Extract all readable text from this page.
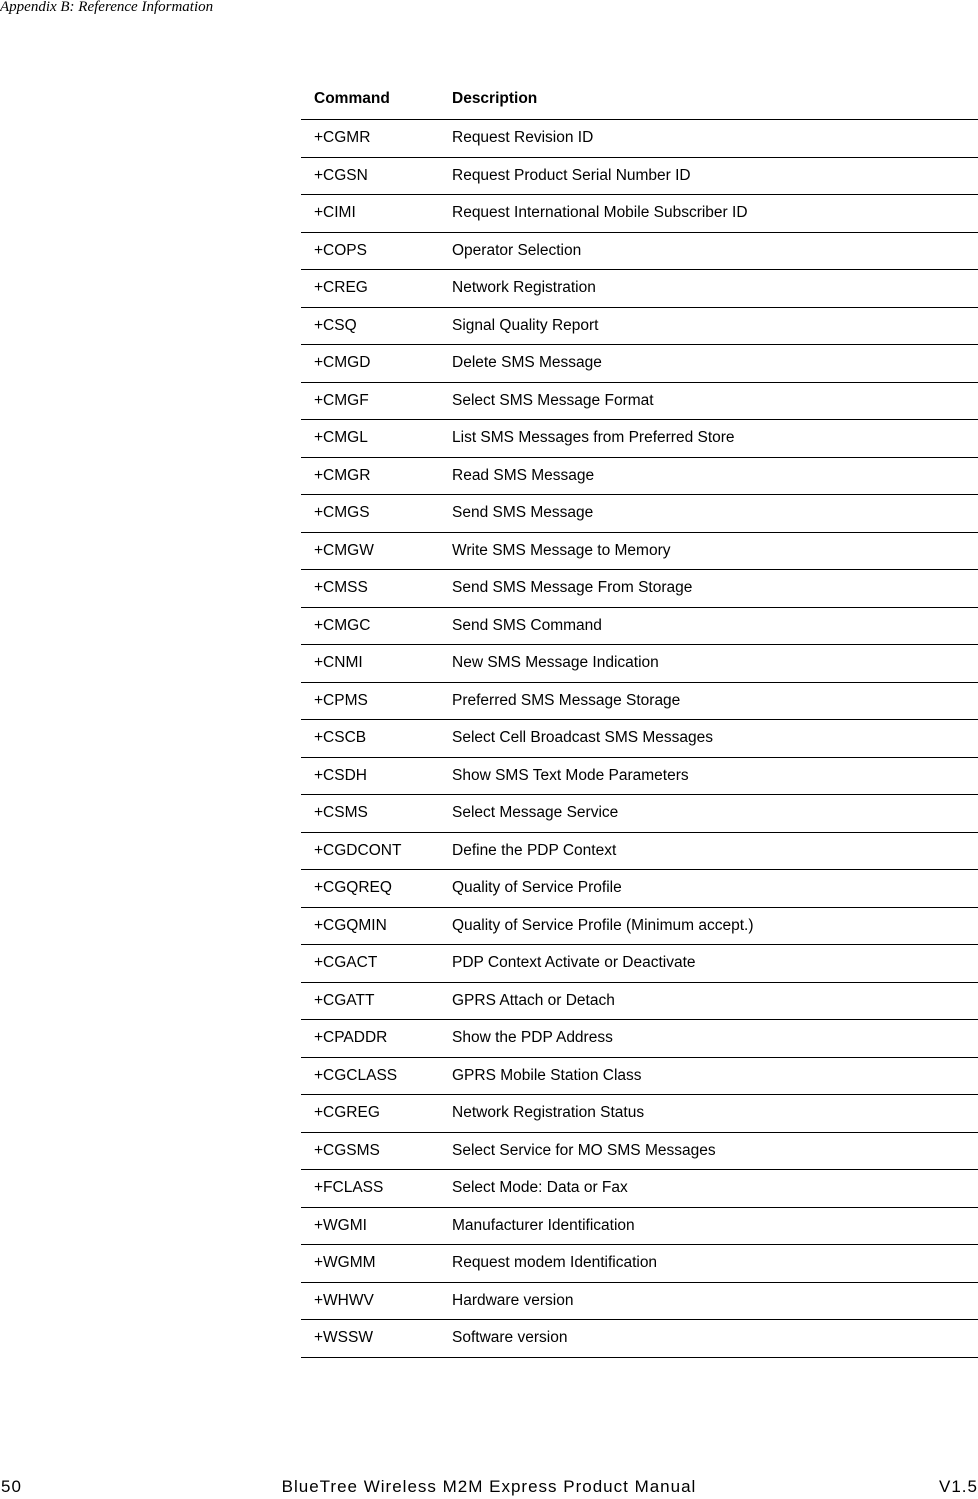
Appendix B: Reference Information
Command	Description
+CGMR	Request Revision ID
+CGSN	Request Product Serial Number ID
+CIMI	Request International Mobile Subscriber ID
+COPS	Operator Selection
+CREG	Network Registration
+CSQ	Signal Quality Report
+CMGD	Delete SMS Message
+CMGF	Select SMS Message Format
+CMGL	List SMS Messages from Preferred Store
+CMGR	Read SMS Message
+CMGS	Send SMS Message
+CMGW	Write SMS Message to Memory
+CMSS	Send SMS Message From Storage
+CMGC	Send SMS Command
+CNMI	New SMS Message Indication
+CPMS	Preferred SMS Message Storage
+CSCB	Select Cell Broadcast SMS Messages
+CSDH	Show SMS Text Mode Parameters
+CSMS	Select Message Service
+CGDCONT	Define the PDP Context
+CGQREQ	Quality of Service Profile
+CGQMIN	Quality of Service Profile (Minimum accept.)
+CGACT	PDP Context Activate or Deactivate
+CGATT	GPRS Attach or Detach
+CPADDR	Show the PDP Address
+CGCLASS	GPRS Mobile Station Class
+CGREG	Network Registration Status
+CGSMS	Select Service for MO SMS Messages
+FCLASS	Select Mode: Data or Fax
+WGMI	Manufacturer Identification
+WGMM	Request modem Identification
+WHWV	Hardware version
+WSSW	Software version
50	BlueTree Wireless M2M Express Product Manual	V1.5
